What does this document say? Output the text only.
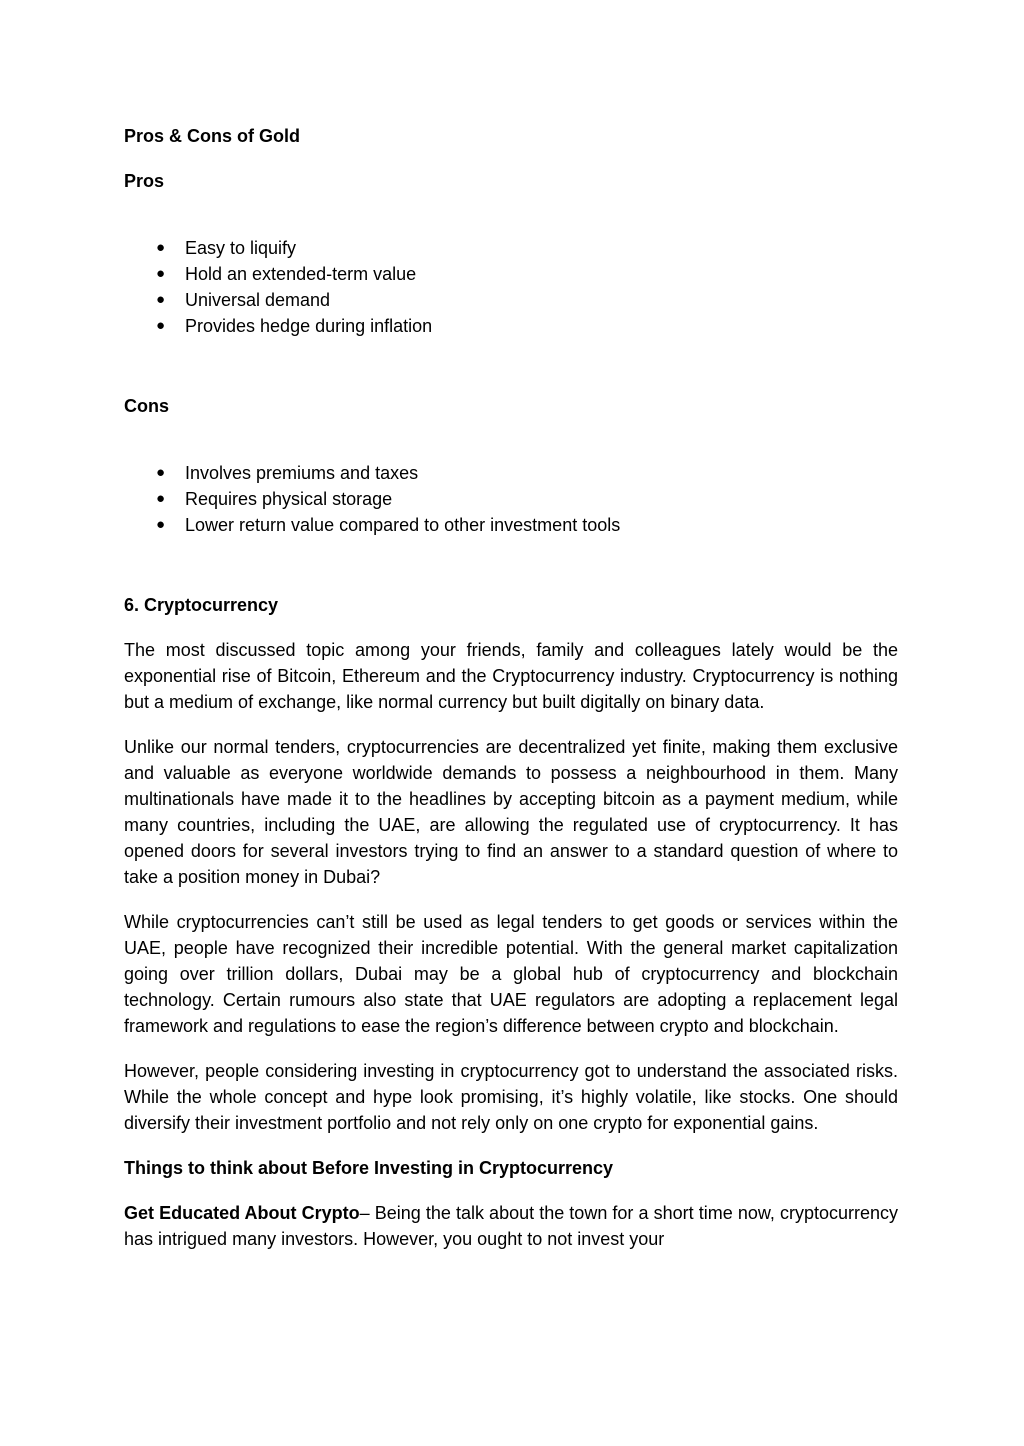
Pros & Cons of Gold

Pros

● Easy to liquify
● Hold an extended-term value
● Universal demand
● Provides hedge during inflation

Cons

● Involves premiums and taxes
● Requires physical storage
● Lower return value compared to other investment tools

6. Cryptocurrency

The most discussed topic among your friends, family and colleagues lately would be the exponential rise of Bitcoin, Ethereum and the Cryptocurrency industry. Cryptocurrency is nothing but a medium of exchange, like normal currency but built digitally on binary data.

Unlike our normal tenders, cryptocurrencies are decentralized yet finite, making them exclusive and valuable as everyone worldwide demands to possess a neighbourhood in them. Many multinationals have made it to the headlines by accepting bitcoin as a payment medium, while many countries, including the UAE, are allowing the regulated use of cryptocurrency. It has opened doors for several investors trying to find an answer to a standard question of where to take a position money in Dubai?

While cryptocurrencies can’t still be used as legal tenders to get goods or services within the UAE, people have recognized their incredible potential. With the general market capitalization going over trillion dollars, Dubai may be a global hub of cryptocurrency and blockchain technology. Certain rumours also state that UAE regulators are adopting a replacement legal framework and regulations to ease the region’s difference between crypto and blockchain.

However, people considering investing in cryptocurrency got to understand the associated risks. While the whole concept and hype look promising, it’s highly volatile, like stocks. One should diversify their investment portfolio and not rely only on one crypto for exponential gains.

Things to think about Before Investing in Cryptocurrency

Get Educated About Crypto– Being the talk about the town for a short time now, cryptocurrency has intrigued many investors. However, you ought to not invest your
